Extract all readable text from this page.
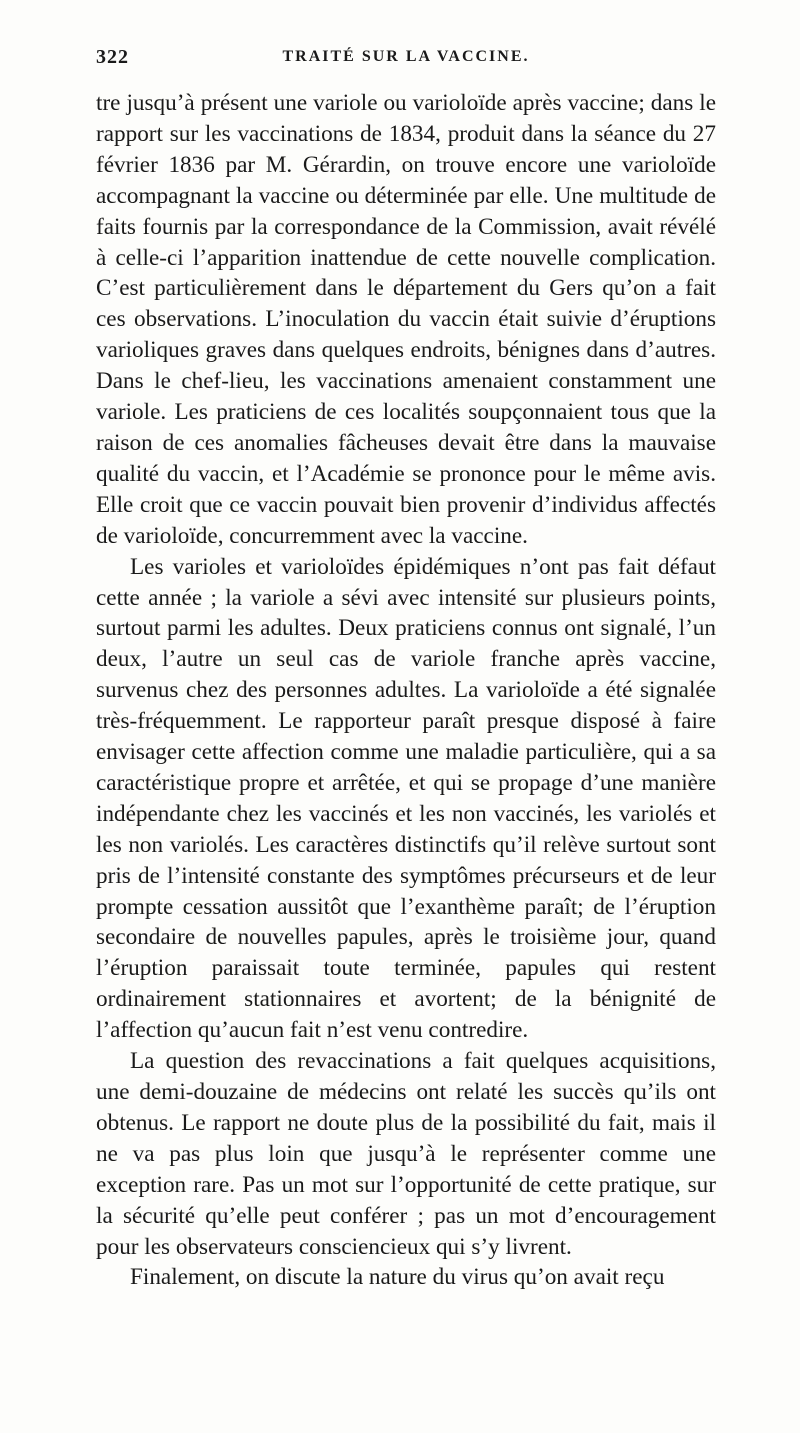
322	TRAITÉ SUR LA VACCINE.

tre jusqu’à présent une variole ou varioloïde après vaccine; dans le rapport sur les vaccinations de 1834, produit dans la séance du 27 février 1836 par M. Gérardin, on trouve encore une varioloïde accompagnant la vaccine ou déterminée par elle. Une multitude de faits fournis par la correspondance de la Commission, avait révélé à celle-ci l’apparition inattendue de cette nouvelle complication. C’est particulièrement dans le département du Gers qu’on a fait ces observations. L’inoculation du vaccin était suivie d’éruptions varioliques graves dans quelques endroits, bénignes dans d’autres. Dans le chef-lieu, les vaccinations amenaient constamment une variole. Les praticiens de ces localités soupçonnaient tous que la raison de ces anomalies fâcheuses devait être dans la mauvaise qualité du vaccin, et l’Académie se prononce pour le même avis. Elle croit que ce vaccin pouvait bien provenir d’individus affectés de varioloïde, concurremment avec la vaccine.

Les varioles et varioloïdes épidémiques n’ont pas fait défaut cette année ; la variole a sévi avec intensité sur plusieurs points, surtout parmi les adultes. Deux praticiens connus ont signalé, l’un deux, l’autre un seul cas de variole franche après vaccine, survenus chez des personnes adultes. La varioloïde a été signalée très-fréquemment. Le rapporteur paraît presque disposé à faire envisager cette affection comme une maladie particulière, qui a sa caractéristique propre et arrêtée, et qui se propage d’une manière indépendante chez les vaccinés et les non vaccinés, les variolés et les non variolés. Les caractères distinctifs qu’il relève surtout sont pris de l’intensité constante des symptômes précurseurs et de leur prompte cessation aussitôt que l’exanthème paraît; de l’éruption secondaire de nouvelles papules, après le troisième jour, quand l’éruption paraissait toute terminée, papules qui restent ordinairement stationnaires et avortent; de la bénignité de l’affection qu’aucun fait n’est venu contredire.

La question des revaccinations a fait quelques acquisitions, une demi-douzaine de médecins ont relaté les succès qu’ils ont obtenus. Le rapport ne doute plus de la possibilité du fait, mais il ne va pas plus loin que jusqu’à le représenter comme une exception rare. Pas un mot sur l’opportunité de cette pratique, sur la sécurité qu’elle peut conférer ; pas un mot d’encouragement pour les observateurs consciencieux qui s’y livrent.

Finalement, on discute la nature du virus qu’on avait reçu
